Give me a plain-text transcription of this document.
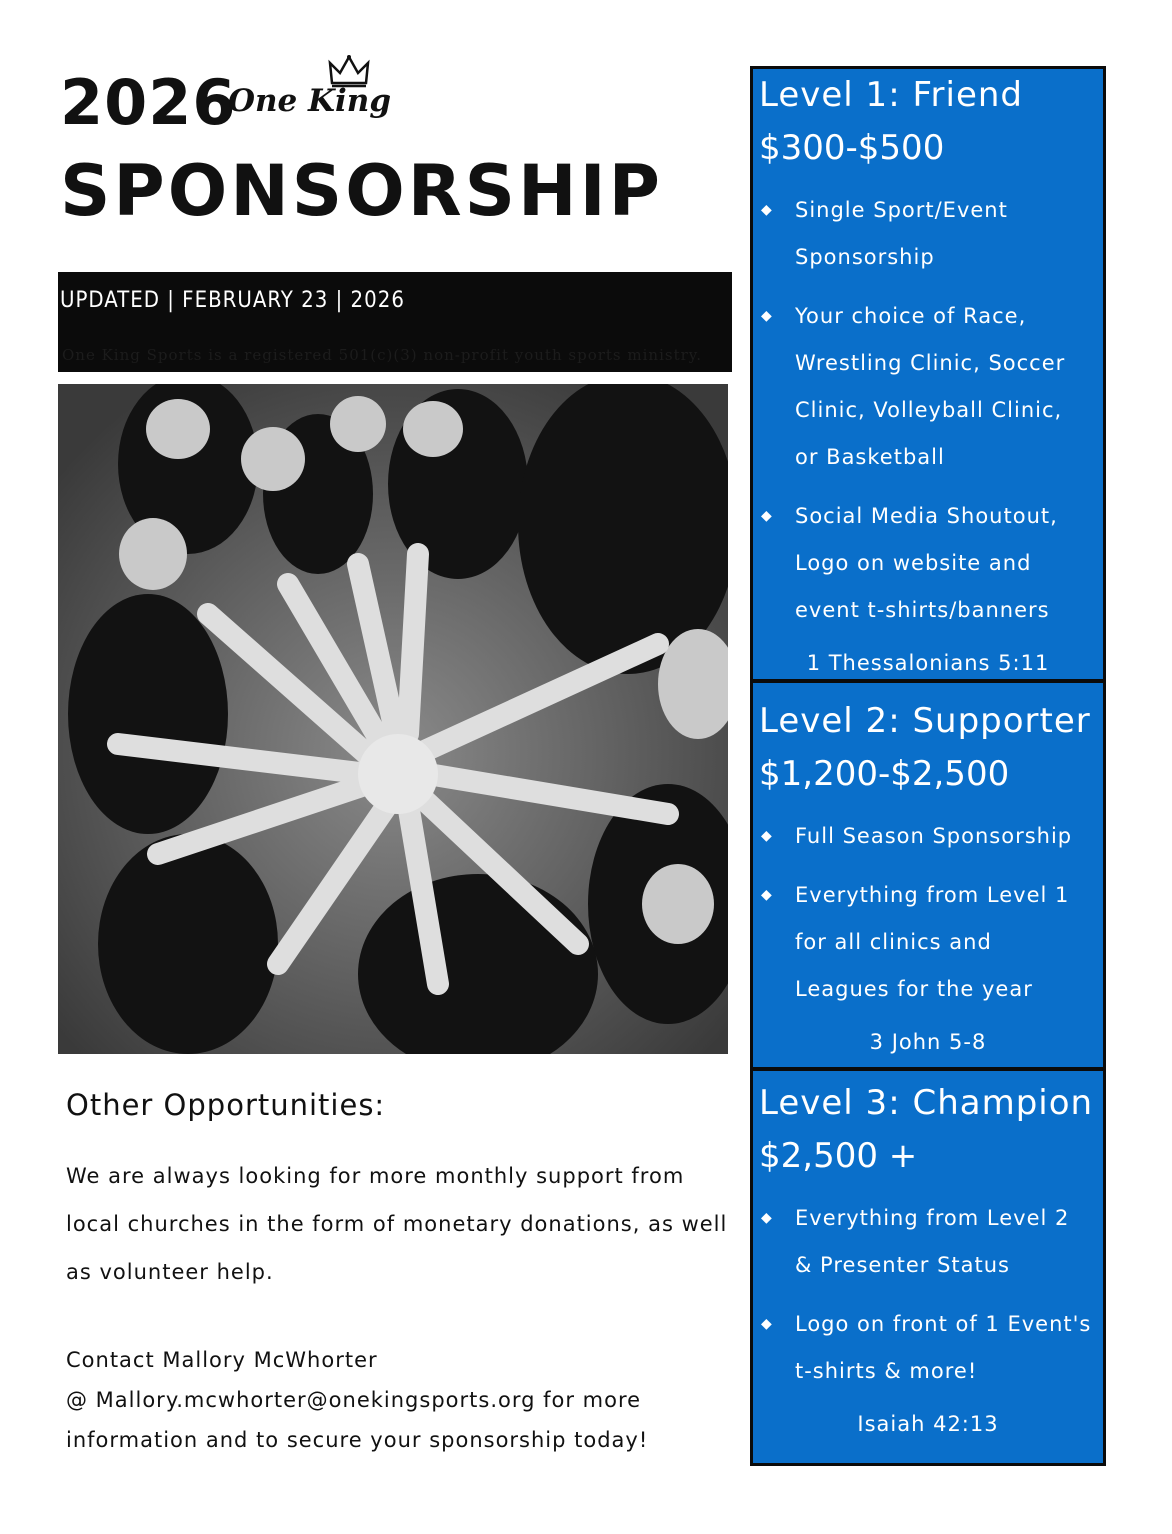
2026
One King
SPONSORSHIP
UPDATED | FEBRUARY 23 | 2026
One King Sports is a registered 501(c)(3) non-profit youth sports ministry.
Other Opportunities:
We are always looking for more monthly support from local churches in the form of monetary donations, as well as volunteer help.
Contact Mallory McWhorter
@ Mallory.mcwhorter@onekingsports.org for more
information and to secure your sponsorship today!
Level 1: Friend
$300-$500
◆ Single Sport/Event Sponsorship
◆ Your choice of Race, Wrestling Clinic, Soccer Clinic, Volleyball Clinic, or Basketball
◆ Social Media Shoutout, Logo on website and event t-shirts/banners
1 Thessalonians 5:11
Level 2: Supporter
$1,200-$2,500
◆ Full Season Sponsorship
◆ Everything from Level 1 for all clinics and Leagues for the year
3 John 5-8
Level 3: Champion
$2,500 +
◆ Everything from Level 2 & Presenter Status
◆ Logo on front of 1 Event's t-shirts & more!
Isaiah 42:13
